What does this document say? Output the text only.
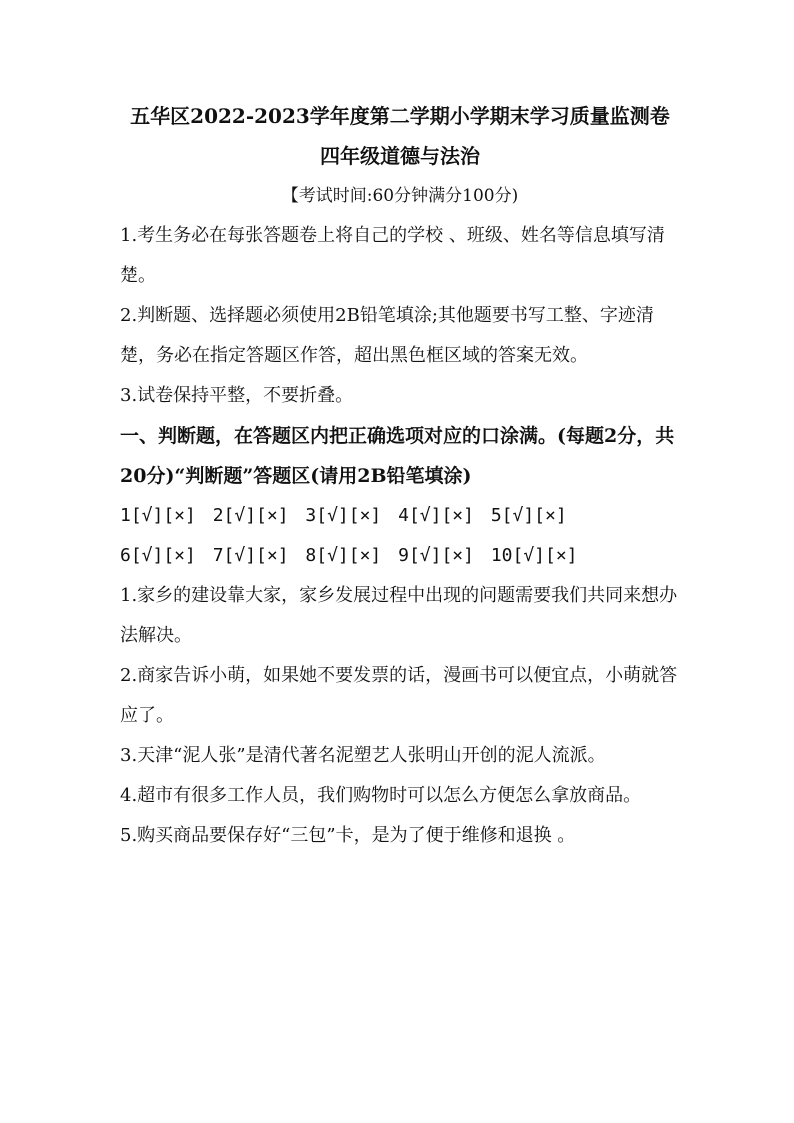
五华区2022-2023学年度第二学期小学期末学习质量监测卷
四年级道德与法治
【考试时间:60分钟满分100分)

1.考生务必在每张答题卷上将自己的学校 、班级、姓名等信息填写清楚。

2.判断题、选择题必须使用2B铅笔填涂;其他题要书写工整、字迹清楚，务必在指定答题区作答，超出黑色框区域的答案无效。

3.试卷保持平整，不要折叠。

一、判断题，在答题区内把正确选项对应的口涂满。(每题2分，共20分)“判断题”答题区(请用2B铅笔填涂)

1[√][×] 2[√][×] 3[√][×] 4[√][×] 5[√][×]
6[√][×] 7[√][×] 8[√][×] 9[√][×] 10[√][×]

1.家乡的建设靠大家，家乡发展过程中出现的问题需要我们共同来想办法解决。

2.商家告诉小萌，如果她不要发票的话，漫画书可以便宜点，小萌就答应了。

3.天津“泥人张”是清代著名泥塑艺人张明山开创的泥人流派。

4.超市有很多工作人员，我们购物时可以怎么方便怎么拿放商品。

5.购买商品要保存好“三包”卡，是为了便于维修和退换 。
